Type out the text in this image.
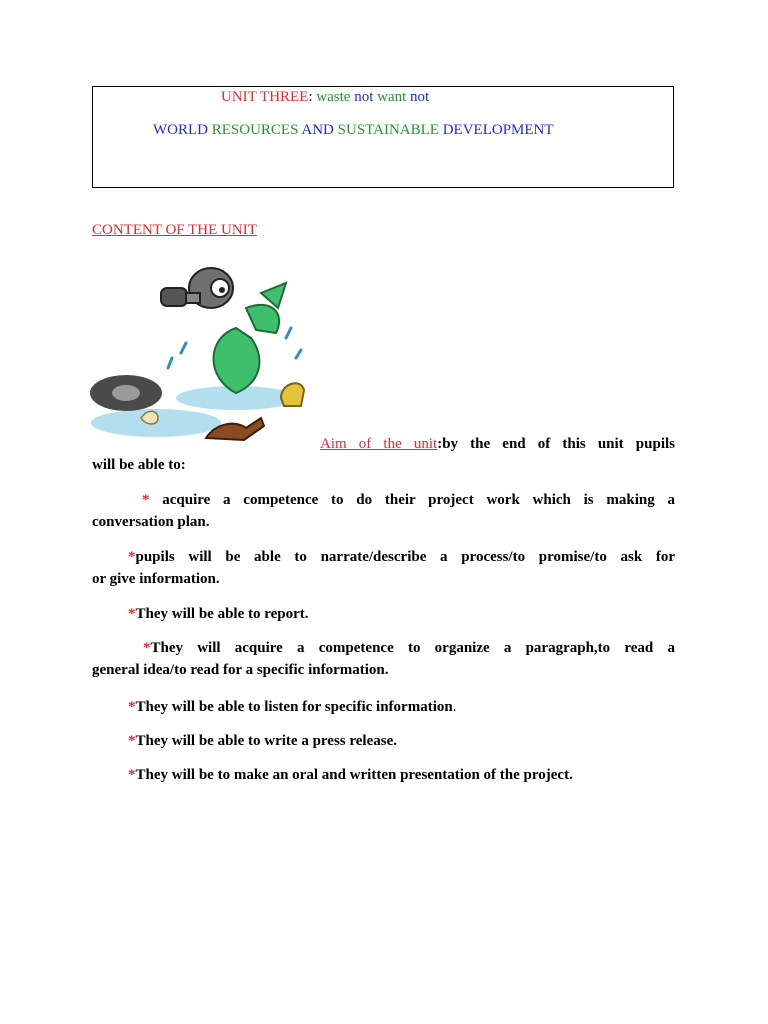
UNIT THREE: waste not want not
WORLD RESOURCES AND SUSTAINABLE DEVELOPMENT
CONTENT OF THE UNIT
Aim of the unit:by the end of this unit pupils
will be able to:
* acquire a competence to do their project work which is making a
conversation plan.
*pupils will be able to narrate/describe a process/to promise/to ask for
or give information.
*They will be able to report.
*They will acquire a competence to organize a paragraph,to read a
general idea/to read for a specific information.
*They will be able to listen for specific information.
*They will be able to write a press release.
*They will be to make an oral and written presentation of the project.
